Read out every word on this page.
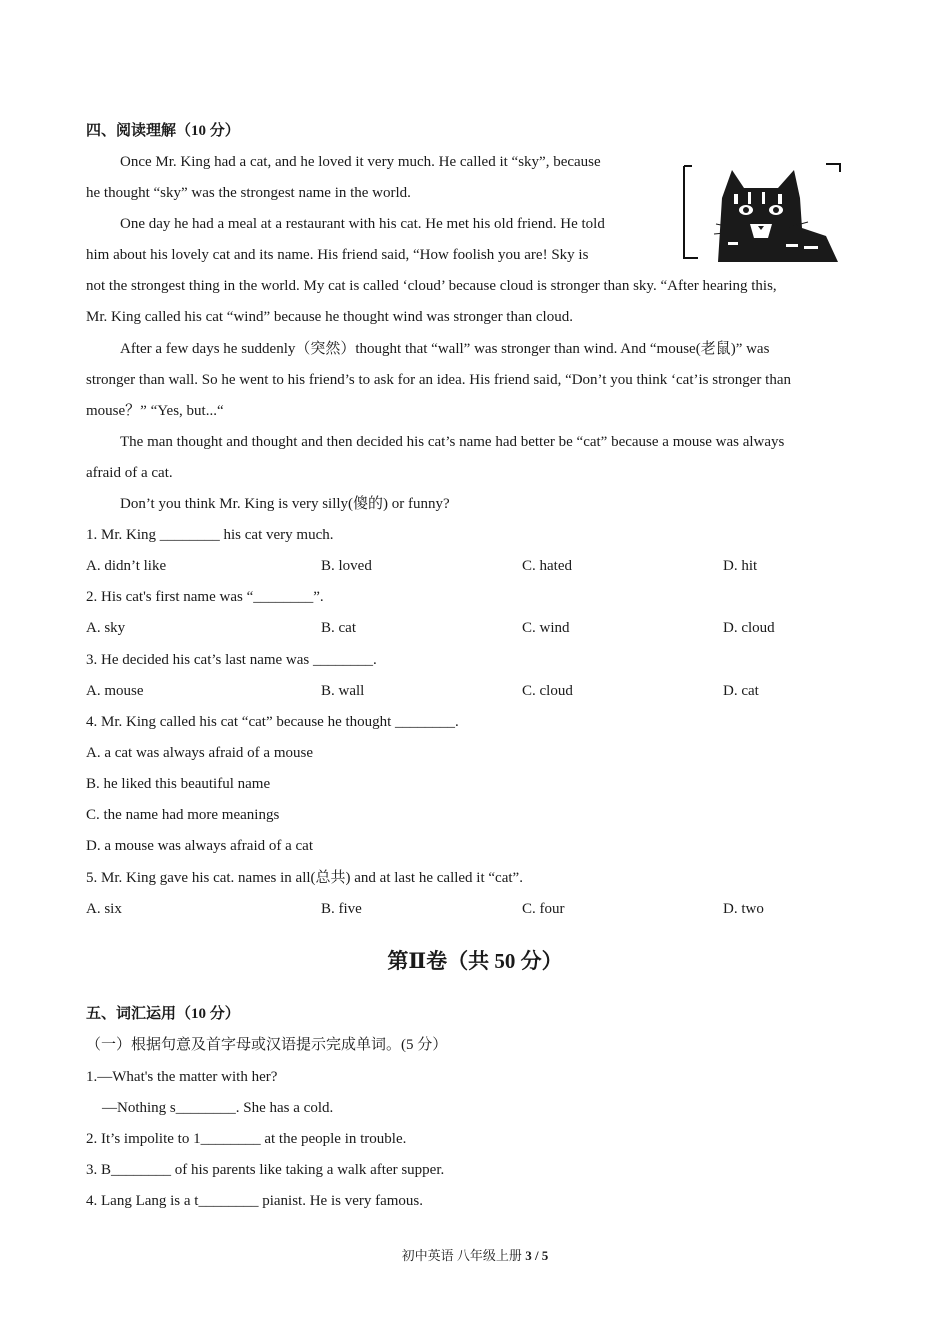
四、阅读理解（10 分）
Once Mr. King had a cat, and he loved it very much. He called it “sky”, because
he thought “sky” was the strongest name in the world.
One day he had a meal at a restaurant with his cat. He met his old friend. He told
him about his lovely cat and its name. His friend said, “How foolish you are! Sky is
not the strongest thing in the world. My cat is called ‘cloud’ because cloud is stronger than sky. “After hearing this,
Mr. King called his cat “wind” because he thought wind was stronger than cloud.
After a few days he suddenly（突然）thought that “wall” was stronger than wind. And “mouse(老鼠)” was
stronger than wall. So he went to his friend’s to ask for an idea. His friend said, “Don’t you think ‘cat’is stronger than
mouse？” “Yes, but...“
The man thought and thought and then decided his cat’s name had better be “cat” because a mouse was always
afraid of a cat.
Don’t you think Mr. King is very silly(傻的) or funny?
1. Mr. King ________ his cat very much.
A. didn’t like	B. loved	C. hated	D. hit
2. His cat's first name was “________”.
A. sky	B. cat	C. wind	D. cloud
3. He decided his cat’s last name was ________.
A. mouse	B. wall	C. cloud	D. cat
4. Mr. King called his cat “cat” because he thought ________.
A. a cat was always afraid of a mouse
B. he liked this beautiful name
C. the name had more meanings
D. a mouse was always afraid of a cat
5. Mr. King gave his cat. names in all(总共) and at last he called it “cat”.
A. six	B. five	C. four	D. two
第Ⅱ卷（共 50 分）
五、词汇运用（10 分）
（一）根据句意及首字母或汉语提示完成单词。(5 分）
1.—What's the matter with her?
—Nothing s________. She has a cold.
2. It’s impolite to 1________ at the people in trouble.
3. B________ of his parents like taking a walk after supper.
4. Lang Lang is a t________ pianist. He is very famous.
初中英语 八年级上册 3 / 5
